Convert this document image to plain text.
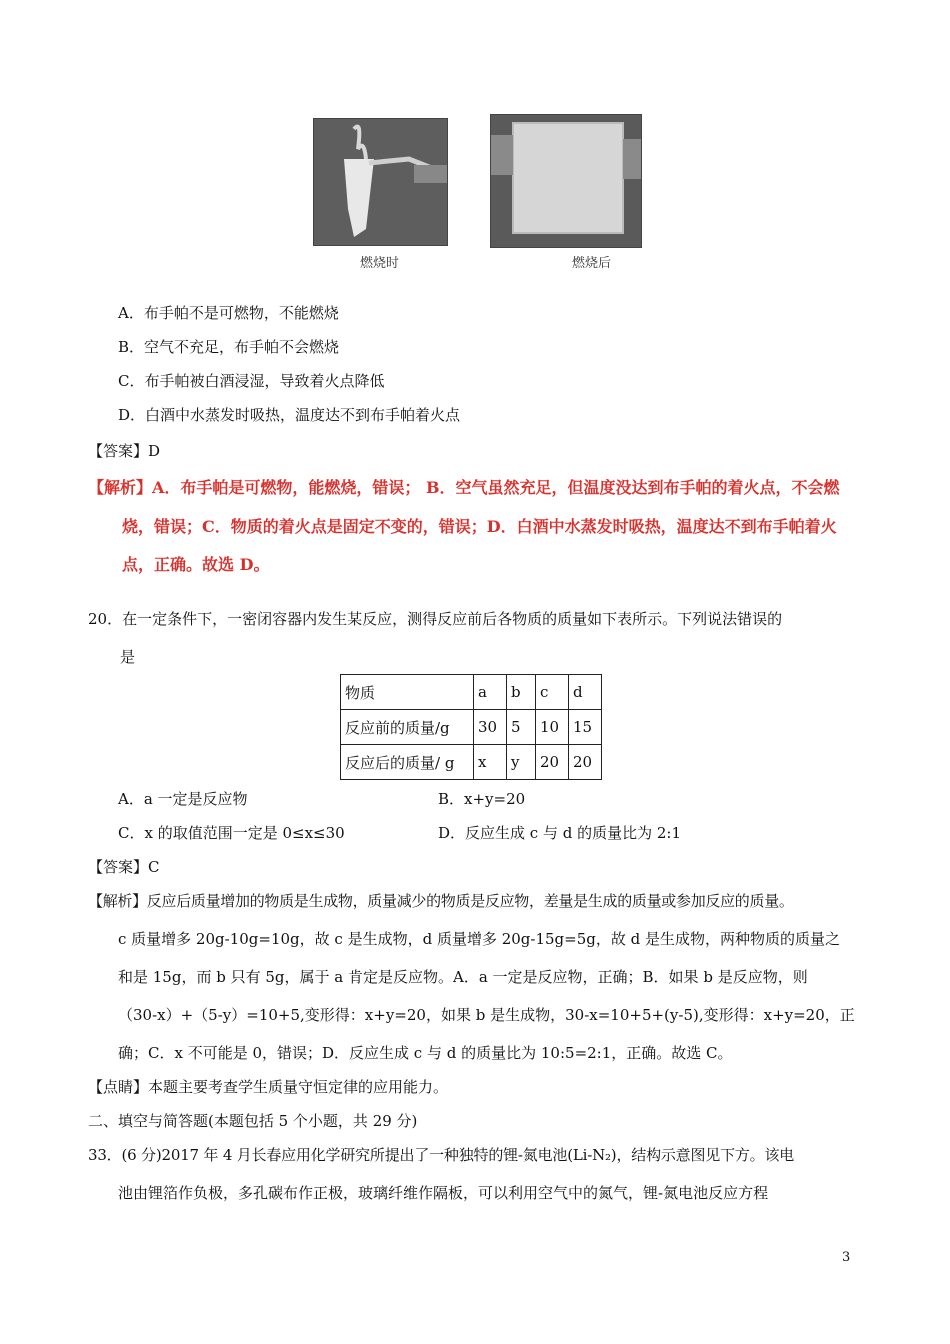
燃烧时	燃烧后
A．布手帕不是可燃物，不能燃烧
B．空气不充足，布手帕不会燃烧
C．布手帕被白酒浸湿，导致着火点降低
D．白酒中水蒸发时吸热，温度达不到布手帕着火点
【答案】D
【解析】A．布手帕是可燃物，能燃烧，错误； B．空气虽然充足，但温度没达到布手帕的着火点，不会燃
烧，错误；C．物质的着火点是固定不变的，错误；D．白酒中水蒸发时吸热，温度达不到布手帕着火
点，正确。故选 D。
20．在一定条件下，一密闭容器内发生某反应，测得反应前后各物质的质量如下表所示。下列说法错误的
是
物质	a	b	c	d
反应前的质量/g	30	5	10	15
反应后的质量/ g	x	y	20	20
A．a 一定是反应物	B．x+y=20
C．x 的取值范围一定是 0≤x≤30	D．反应生成 c 与 d 的质量比为 2:1
【答案】C
【解析】反应后质量增加的物质是生成物，质量减少的物质是反应物，差量是生成的质量或参加反应的质量。
c 质量增多 20g-10g=10g，故 c 是生成物，d 质量增多 20g-15g=5g，故 d 是生成物，两种物质的质量之
和是 15g，而 b 只有 5g，属于 a 肯定是反应物。A．a 一定是反应物，正确；B．如果 b 是反应物，则
（30-x）+（5-y）=10+5,变形得：x+y=20，如果 b 是生成物，30-x=10+5+(y-5),变形得：x+y=20，正
确；C．x 不可能是 0，错误；D．反应生成 c 与 d 的质量比为 10:5=2:1，正确。故选 C。
【点睛】本题主要考查学生质量守恒定律的应用能力。
二、填空与简答题(本题包括 5 个小题，共 29 分)
33．(6 分)2017 年 4 月长春应用化学研究所提出了一种独特的锂-氮电池(Li-N₂)，结构示意图见下方。该电
池由锂箔作负极，多孔碳布作正极，玻璃纤维作隔板，可以利用空气中的氮气，锂-氮电池反应方程
3
